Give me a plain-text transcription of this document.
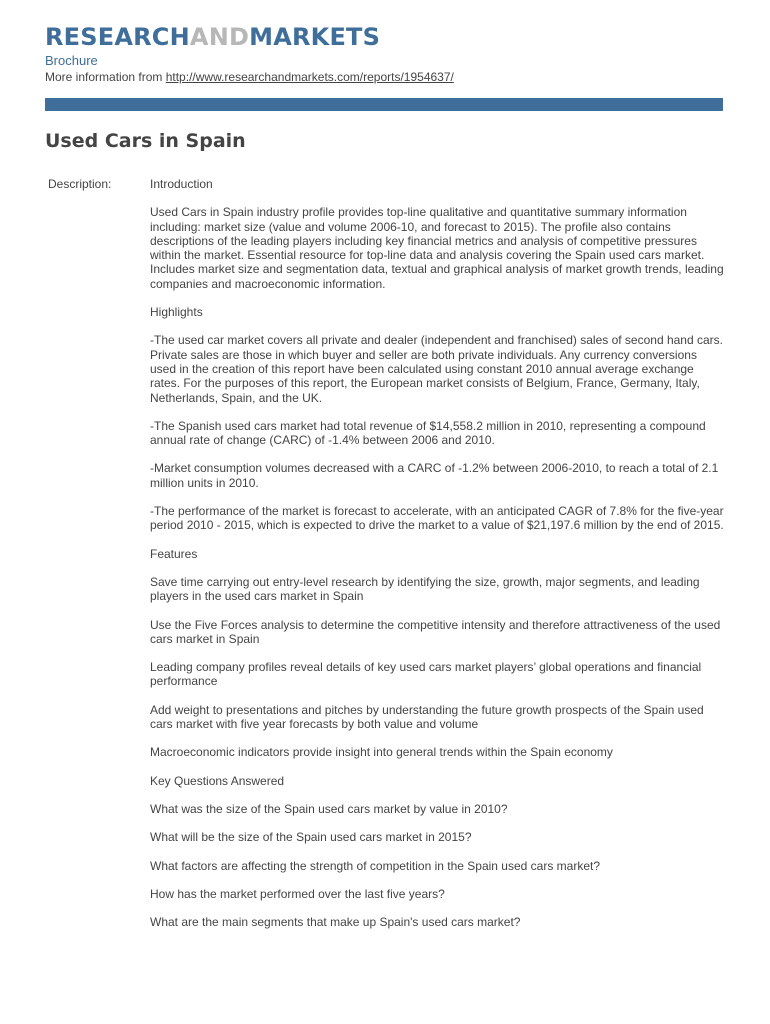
RESEARCHANDMARKETS
Brochure
More information from http://www.researchandmarkets.com/reports/1954637/
Used Cars in Spain
Description:	Introduction

Used Cars in Spain industry profile provides top-line qualitative and quantitative summary information including: market size (value and volume 2006-10, and forecast to 2015). The profile also contains descriptions of the leading players including key financial metrics and analysis of competitive pressures within the market. Essential resource for top-line data and analysis covering the Spain used cars market. Includes market size and segmentation data, textual and graphical analysis of market growth trends, leading companies and macroeconomic information.

Highlights

-The used car market covers all private and dealer (independent and franchised) sales of second hand cars. Private sales are those in which buyer and seller are both private individuals. Any currency conversions used in the creation of this report have been calculated using constant 2010 annual average exchange rates. For the purposes of this report, the European market consists of Belgium, France, Germany, Italy, Netherlands, Spain, and the UK.

-The Spanish used cars market had total revenue of $14,558.2 million in 2010, representing a compound annual rate of change (CARC) of -1.4% between 2006 and 2010.

-Market consumption volumes decreased with a CARC of -1.2% between 2006-2010, to reach a total of 2.1 million units in 2010.

-The performance of the market is forecast to accelerate, with an anticipated CAGR of 7.8% for the five-year period 2010 - 2015, which is expected to drive the market to a value of $21,197.6 million by the end of 2015.

Features

Save time carrying out entry-level research by identifying the size, growth, major segments, and leading players in the used cars market in Spain

Use the Five Forces analysis to determine the competitive intensity and therefore attractiveness of the used cars market in Spain

Leading company profiles reveal details of key used cars market players’ global operations and financial performance

Add weight to presentations and pitches by understanding the future growth prospects of the Spain used cars market with five year forecasts by both value and volume

Macroeconomic indicators provide insight into general trends within the Spain economy

Key Questions Answered

What was the size of the Spain used cars market by value in 2010?

What will be the size of the Spain used cars market in 2015?

What factors are affecting the strength of competition in the Spain used cars market?

How has the market performed over the last five years?

What are the main segments that make up Spain's used cars market?
